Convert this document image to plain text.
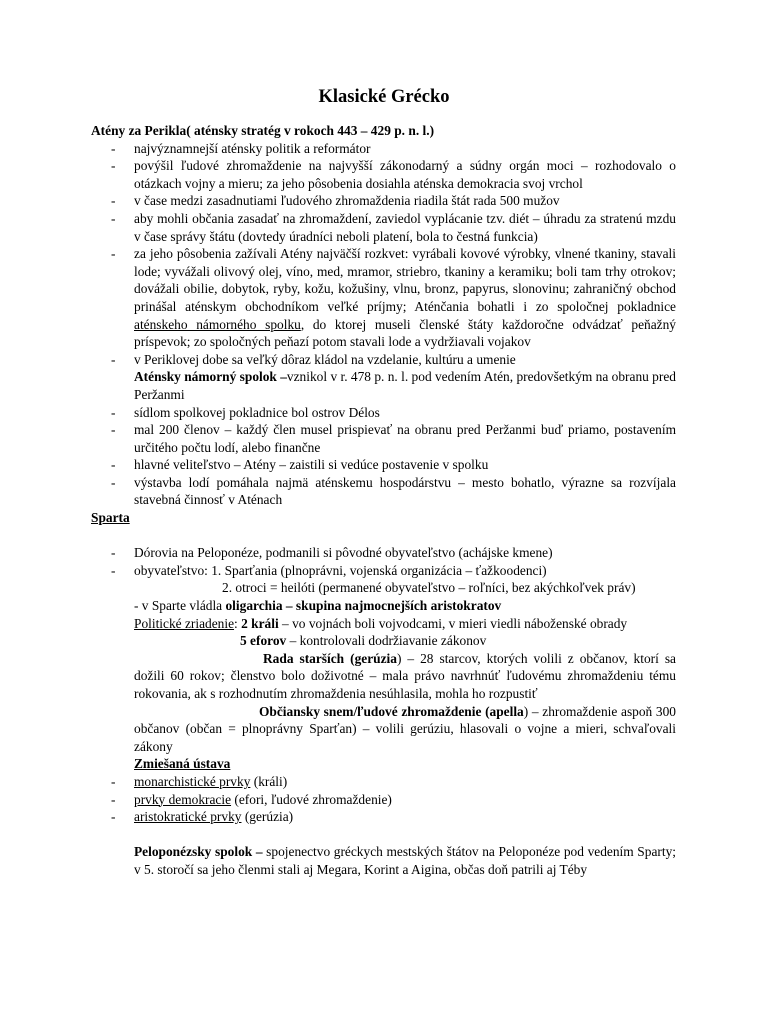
Klasické Grécko
Atény za Perikla( aténsky stratég v rokoch 443 – 429 p. n. l.)
- najvýznamnejší aténsky politik a reformátor
- povýšil ľudové zhromaždenie na najvyšší zákonodarný a súdny orgán moci – rozhodovalo o otázkach vojny a mieru; za jeho pôsobenia dosiahla aténska demokracia svoj vrchol
- v čase medzi zasadnutiami ľudového zhromaždenia riadila štát rada 500 mužov
- aby mohli občania zasadať na zhromaždení, zaviedol vyplácanie tzv. diét – úhradu za stratenú mzdu v čase správy štátu (dovtedy úradníci neboli platení, bola to čestná funkcia)
- za jeho pôsobenia zažívali Atény najväčší rozkvet: vyrábali kovové výrobky, vlnené tkaniny, stavali lode; vyvážali olivový olej, víno, med, mramor, striebro, tkaniny a keramiku; boli tam trhy otrokov; dovážali obilie, dobytok, ryby, kožu, kožušiny, vlnu, bronz, papyrus, slonovinu; zahraničný obchod prinášal aténskym obchodníkom veľké príjmy; Aténčania bohatli i zo spoločnej pokladnice aténskeho námorného spolku, do ktorej museli členské štáty každoročne odvádzať peňažný príspevok; zo spoločných peňazí potom stavali lode a vydržiavali vojakov
- v Periklovej dobe sa veľký dôraz kládol na vzdelanie, kultúru a umenie
Aténsky námorný spolok –vznikol v r. 478 p. n. l. pod vedením Atén, predovšetkým na obranu pred Peržanmi
- sídlom spolkovej pokladnice bol ostrov Délos
- mal 200 členov – každý člen musel prispievať na obranu pred Peržanmi buď priamo, postavením určitého počtu lodí, alebo finančne
- hlavné veliteľstvo – Atény – zaistili si vedúce postavenie v spolku
- výstavba lodí pomáhala najmä aténskemu hospodárstvu – mesto bohatlo, výrazne sa rozvíjala stavebná činnosť v Aténach
Sparta
- Dórovia na Peloponéze, podmanili si pôvodné obyvateľstvo (achájske kmene)
- obyvateľstvo: 1. Sparťania (plnoprávni, vojenská organizácia – ťažkoodenci)
2. otroci = heilóti (permanené obyvateľstvo – roľníci, bez akýchkoľvek práv)
- v Sparte vládla oligarchia – skupina najmocnejších aristokratov
Politické zriadenie: 2 králi – vo vojnách boli vojvodcami, v mieri viedli náboženské obrady
5 eforov – kontrolovali dodržiavanie zákonov
Rada starších (gerúzia) – 28 starcov, ktorých volili z občanov, ktorí sa dožili 60 rokov; členstvo bolo doživotné – mala právo navrhnúť ľudovému zhromaždeniu tému rokovania, ak s rozhodnutím zhromaždenia nesúhlasila, mohla ho rozpustiť
Občiansky snem/ľudové zhromaždenie (apella) – zhromaždenie aspoň 300 občanov (občan = plnoprávny Sparťan) – volili gerúziu, hlasovali o vojne a mieri, schvaľovali zákony
Zmiešaná ústava
- monarchistické prvky (králi)
- prvky demokracie (efori, ľudové zhromaždenie)
- aristokratické prvky (gerúzia)
Peloponézsky spolok – spojenectvo gréckych mestských štátov na Peloponéze pod vedením Sparty; v 5. storočí sa jeho členmi stali aj Megara, Korint a Aigina, občas doň patrili aj Téby
